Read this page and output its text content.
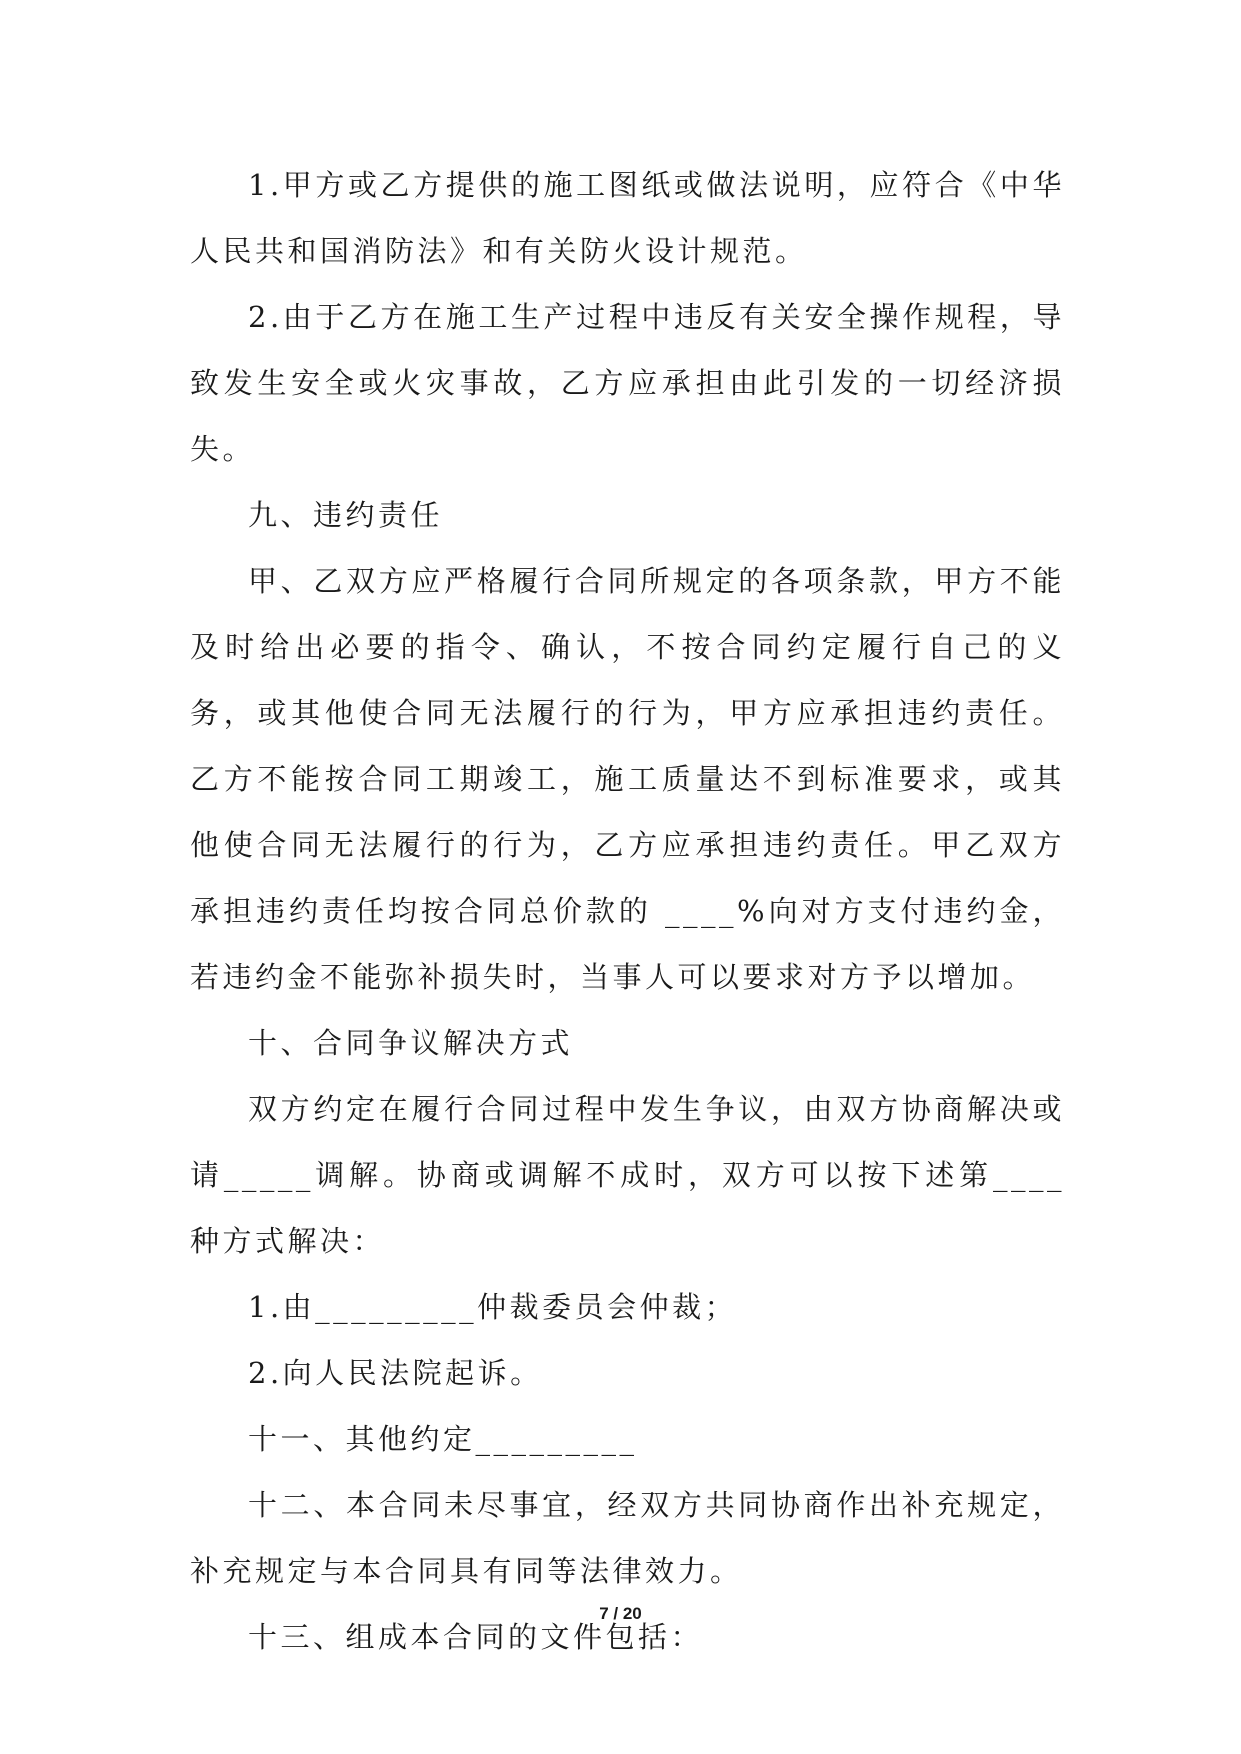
1.甲方或乙方提供的施工图纸或做法说明，应符合《中华人民共和国消防法》和有关防火设计规范。

2.由于乙方在施工生产过程中违反有关安全操作规程，导致发生安全或火灾事故，乙方应承担由此引发的一切经济损失。

九、违约责任

甲、乙双方应严格履行合同所规定的各项条款，甲方不能及时给出必要的指令、确认，不按合同约定履行自己的义务，或其他使合同无法履行的行为，甲方应承担违约责任。乙方不能按合同工期竣工，施工质量达不到标准要求，或其他使合同无法履行的行为，乙方应承担违约责任。甲乙双方承担违约责任均按合同总价款的 ____%向对方支付违约金，若违约金不能弥补损失时，当事人可以要求对方予以增加。

十、合同争议解决方式

双方约定在履行合同过程中发生争议，由双方协商解决或请_____调解。协商或调解不成时，双方可以按下述第____种方式解决：

1.由_________仲裁委员会仲裁；

2.向人民法院起诉。

十一、其他约定_________

十二、本合同未尽事宜，经双方共同协商作出补充规定，补充规定与本合同具有同等法律效力。

十三、组成本合同的文件包括：

7 / 20
